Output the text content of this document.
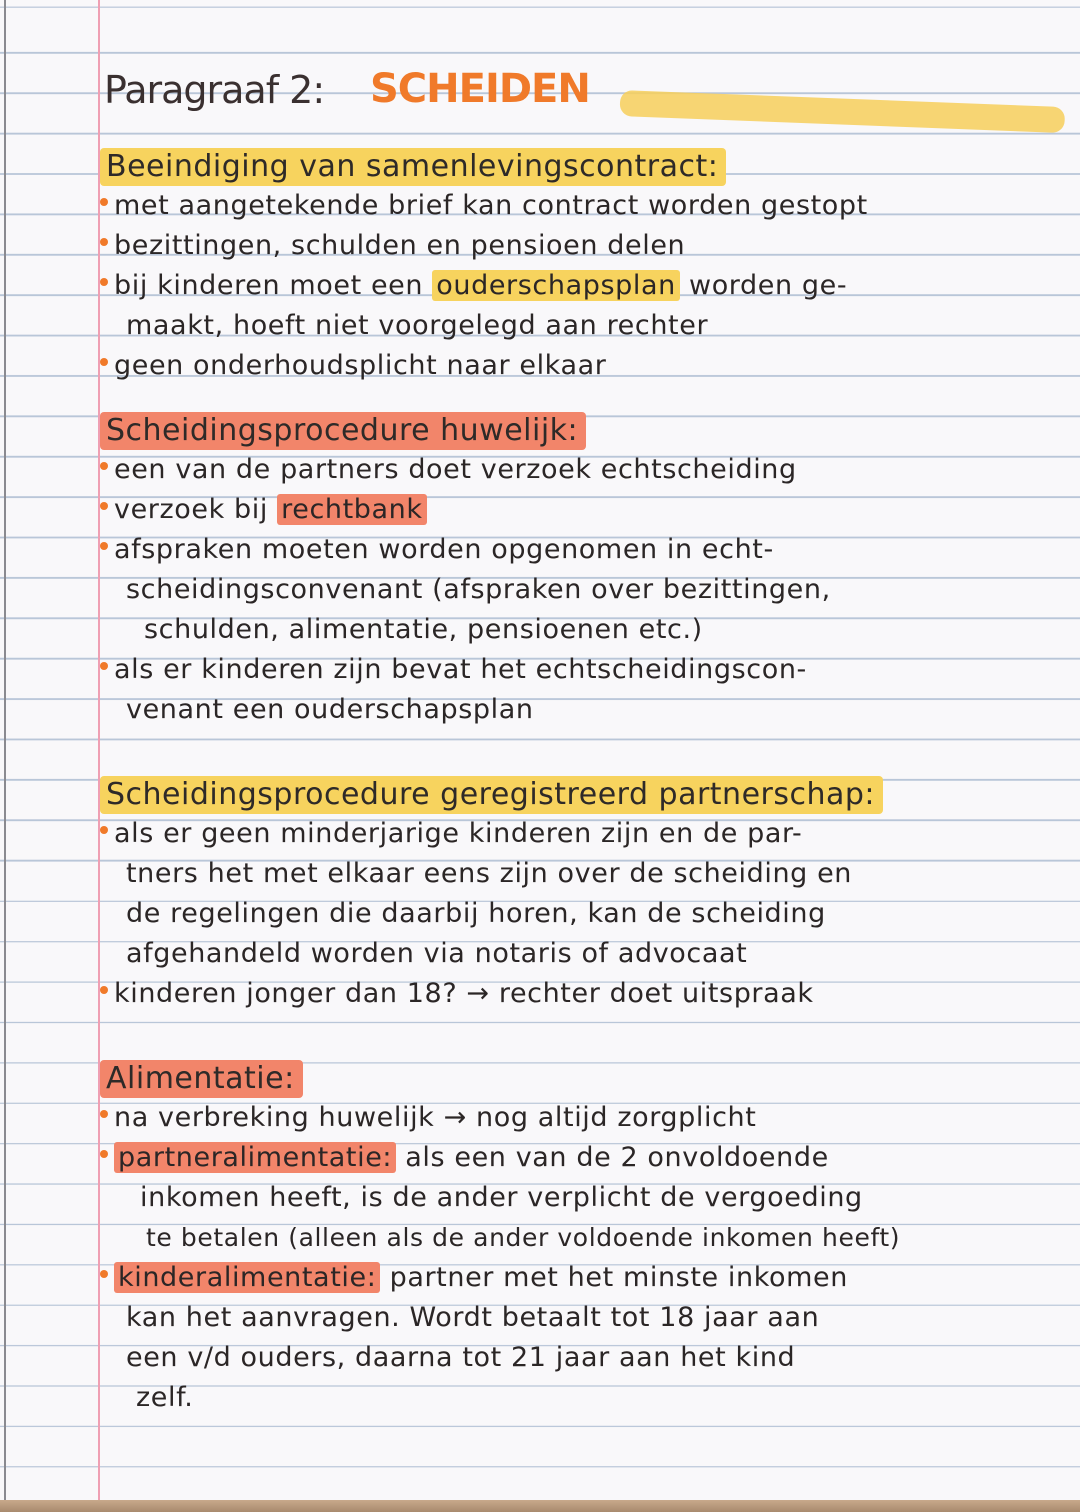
Paragraaf 2: SCHEIDEN
Beeindiging van samenlevingscontract:
met aangetekende brief kan contract worden gestopt
bezittingen, schulden en pensioen delen
bij kinderen moet een ouderschapsplan worden ge-
maakt, hoeft niet voorgelegd aan rechter
geen onderhoudsplicht naar elkaar
Scheidingsprocedure huwelijk:
een van de partners doet verzoek echtscheiding
verzoek bij rechtbank
afspraken moeten worden opgenomen in echt-
scheidingsconvenant (afspraken over bezittingen,
schulden, alimentatie, pensioenen etc.)
als er kinderen zijn bevat het echtscheidingscon-
venant een ouderschapsplan
Scheidingsprocedure geregistreerd partnerschap:
als er geen minderjarige kinderen zijn en de par-
tners het met elkaar eens zijn over de scheiding en
de regelingen die daarbij horen, kan de scheiding
afgehandeld worden via notaris of advocaat
kinderen jonger dan 18? → rechter doet uitspraak
Alimentatie:
na verbreking huwelijk → nog altijd zorgplicht
partneralimentatie: als een van de 2 onvoldoende
inkomen heeft, is de ander verplicht de vergoeding
te betalen (alleen als de ander voldoende inkomen heeft)
kinderalimentatie: partner met het minste inkomen
kan het aanvragen. Wordt betaalt tot 18 jaar aan
een v/d ouders, daarna tot 21 jaar aan het kind
zelf.
